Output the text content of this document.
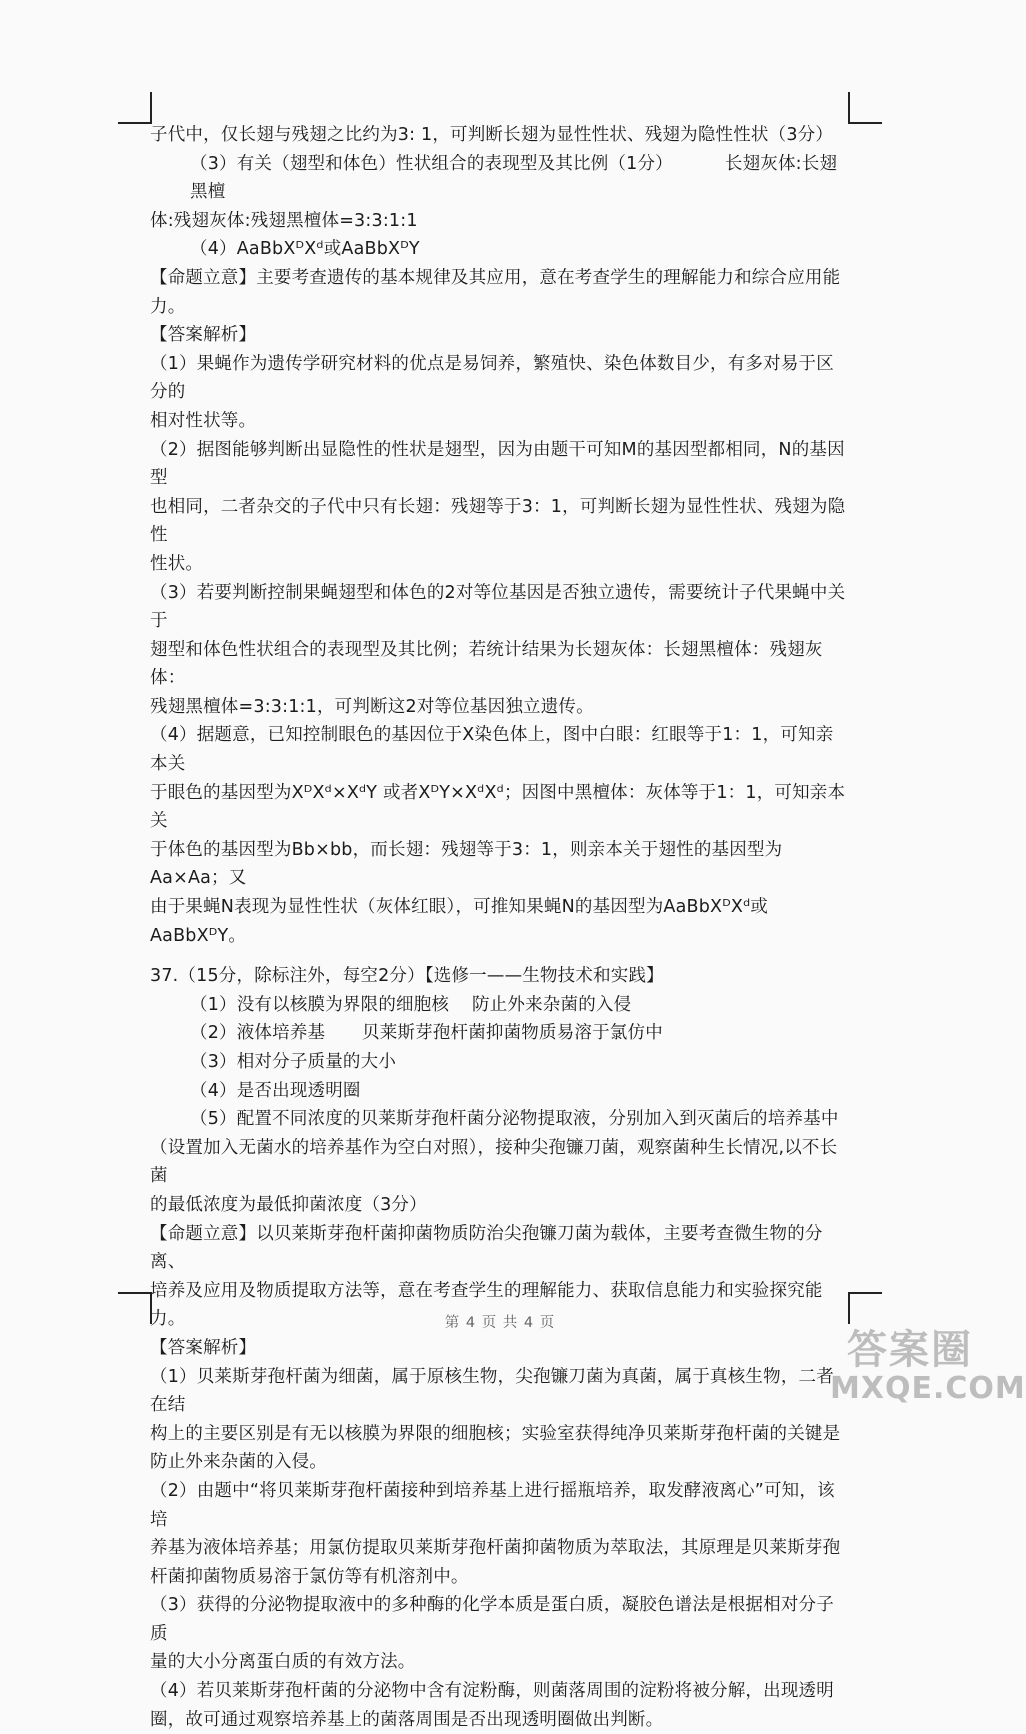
子代中，仅长翅与残翅之比约为3: 1，可判断长翅为显性性状、残翅为隐性性状（3分）

（3）有关（翅型和体色）性状组合的表现型及其比例（1分）	长翅灰体:长翅黑檀

体:残翅灰体:残翅黑檀体=3:3:1:1

（4）AaBbXᴰXᵈ或AaBbXᴰY

【命题立意】主要考查遗传的基本规律及其应用，意在考查学生的理解能力和综合应用能

力。

【答案解析】

（1）果蝇作为遗传学研究材料的优点是易饲养，繁殖快、染色体数目少，有多对易于区分的

相对性状等。

（2）据图能够判断出显隐性的性状是翅型，因为由题干可知M的基因型都相同，N的基因型

也相同，二者杂交的子代中只有长翅：残翅等于3：1，可判断长翅为显性性状、残翅为隐性

性状。

（3）若要判断控制果蝇翅型和体色的2对等位基因是否独立遗传，需要统计子代果蝇中关于

翅型和体色性状组合的表现型及其比例；若统计结果为长翅灰体：长翅黑檀体：残翅灰体：

残翅黑檀体=3:3:1:1，可判断这2对等位基因独立遗传。

（4）据题意，已知控制眼色的基因位于X染色体上，图中白眼：红眼等于1：1，可知亲本关

于眼色的基因型为XᴰXᵈ×XᵈY 或者XᴰY×XᵈXᵈ；因图中黑檀体：灰体等于1：1，可知亲本关

于体色的基因型为Bb×bb，而长翅：残翅等于3：1，则亲本关于翅性的基因型为Aa×Aa；又

由于果蝇N表现为显性性状（灰体红眼），可推知果蝇N的基因型为AaBbXᴰXᵈ或AaBbXᴰY。

37.（15分，除标注外，每空2分）【选修一——生物技术和实践】

（1）没有以核膜为界限的细胞核	防止外来杂菌的入侵
（2）液体培养基	贝莱斯芽孢杆菌抑菌物质易溶于氯仿中

（3）相对分子质量的大小

（4）是否出现透明圈

（5）配置不同浓度的贝莱斯芽孢杆菌分泌物提取液，分别加入到灭菌后的培养基中

（设置加入无菌水的培养基作为空白对照），接种尖孢镰刀菌，观察菌种生长情况,以不长菌

的最低浓度为最低抑菌浓度（3分）

【命题立意】以贝莱斯芽孢杆菌抑菌物质防治尖孢镰刀菌为载体，主要考查微生物的分离、

培养及应用及物质提取方法等，意在考查学生的理解能力、获取信息能力和实验探究能力。

【答案解析】

（1）贝莱斯芽孢杆菌为细菌，属于原核生物，尖孢镰刀菌为真菌，属于真核生物，二者在结

构上的主要区别是有无以核膜为界限的细胞核；实验室获得纯净贝莱斯芽孢杆菌的关键是

防止外来杂菌的入侵。

（2）由题中“将贝莱斯芽孢杆菌接种到培养基上进行摇瓶培养，取发酵液离心”可知，该培

养基为液体培养基；用氯仿提取贝莱斯芽孢杆菌抑菌物质为萃取法，其原理是贝莱斯芽孢

杆菌抑菌物质易溶于氯仿等有机溶剂中。

（3）获得的分泌物提取液中的多种酶的化学本质是蛋白质，凝胶色谱法是根据相对分子质

量的大小分离蛋白质的有效方法。

（4）若贝莱斯芽孢杆菌的分泌物中含有淀粉酶，则菌落周围的淀粉将被分解，出现透明

圈，故可通过观察培养基上的菌落周围是否出现透明圈做出判断。

第 4 页 共 4 页
答案圈
MXQE.COM
